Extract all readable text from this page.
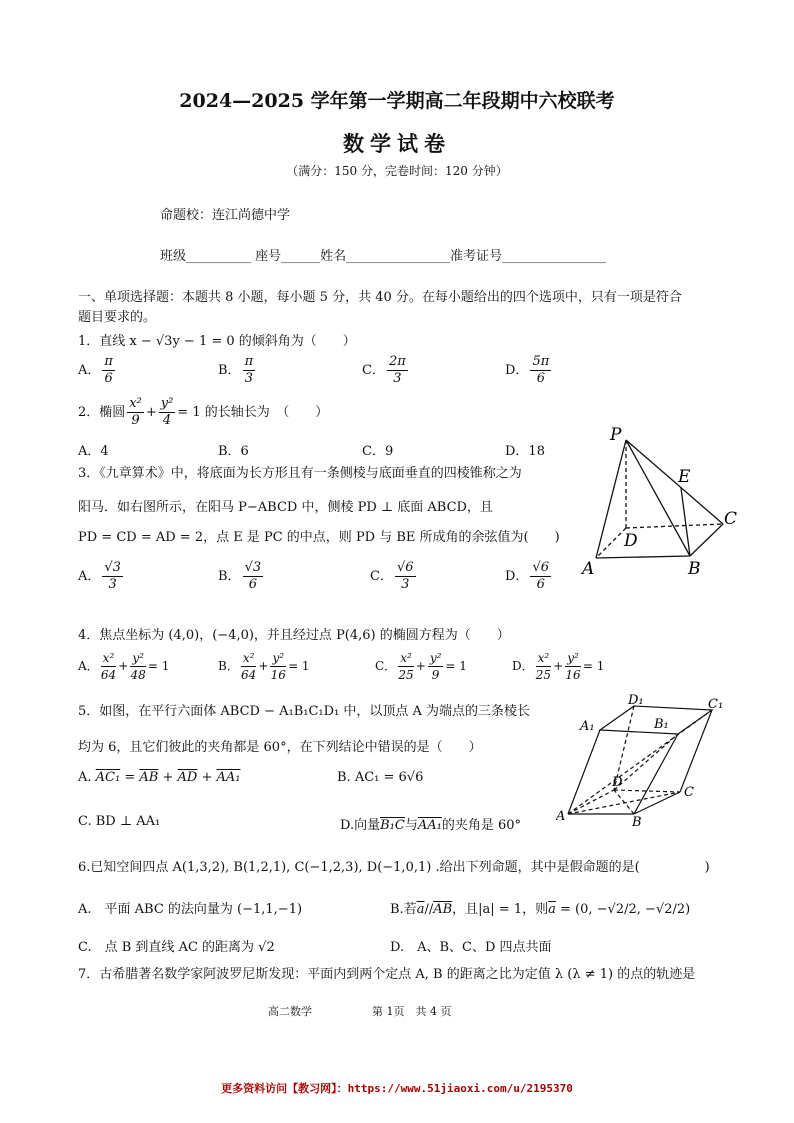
2024—2025 学年第一学期高二年段期中六校联考
数学试卷
（满分：150 分，完卷时间：120 分钟）
命题校：连江尚德中学
班级__________ 座号______姓名________________准考证号________________
一、单项选择题：本题共 8 小题，每小题 5 分，共 40 分。在每小题给出的四个选项中，只有一项是符合
题目要求的。
1．直线 x − √3y − 1 = 0 的倾斜角为（　　）
A． $\frac{\pi}{6}$	B． $\frac{\pi}{3}$	C． $\frac{2\pi}{3}$	D． $\frac{5\pi}{6}$
2．椭圆 $\frac{\text{x²}}{9} + \frac{\text{y²}}{4} = 1$ 的长轴长为　（　　）
A．4	B．6	C．9	D．18
3．《九章算术》中，将底面为长方形且有一条侧棱与底面垂直的四棱锥称之为
阳马．如右图所示，在阳马 P−ABCD 中，侧棱 PD ⊥ 底面 ABCD，且
PD = CD = AD = 2，点 E 是 PC 的中点，则 PD 与 BE 所成角的余弦值为(　　)
A． $\frac{√3}{3}$	B． $\frac{√3}{6}$	C． $\frac{√6}{3}$	D． $\frac{√6}{6}$
P
E
C
D
A	B
4．焦点坐标为 (4,0)，(−4,0)，并且经过点 P(4,6) 的椭圆方程为（　　）
A． $\frac{\text{x²}}{64} + \frac{\text{y²}}{48} = 1$	B． $\frac{\text{x²}}{64} + \frac{\text{y²}}{16} = 1$	C． $\frac{\text{x²}}{25} + \frac{\text{y²}}{9} = 1$	D． $\frac{\text{x²}}{25} + \frac{\text{y²}}{16} = 1$
5．如图，在平行六面体 ABCD − A₁B₁C₁D₁ 中，以顶点 A 为端点的三条棱长
均为 6，且它们彼此的夹角都是 60°，在下列结论中错误的是（　　）
A. $AC_1 = \overline{AB} + \overline{AD} + AA_1$	B. AC₁ = 6√6
C. BD ⊥ AA₁	D.向量B₁C与AA₁的夹角是 60°
D₁	C₁
A₁	B₁
D
C
A	B
6.已知空间四点 A(1,3,2), B(1,2,1), C(−1,2,3), D(−1,0,1) .给出下列命题，其中是假命题的是(　　　　　)
A.　平面 ABC 的法向量为 (−1,1,−1)	B.若$\overline{a}//\overline{AB}$，且|a| = 1，则$\overline{a} = (0$, −√2/2, −√2/2)
C.　点 B 到直线 AC 的距离为 √2	D.　A、B、C、D 四点共面
7．古希腊著名数学家阿波罗尼斯发现：平面内到两个定点 A, B 的距离之比为定值 λ (λ ≠ 1) 的点的轨迹是
高二数学	第 1页　共 4 页
更多资料访问【教习网】：https://www.51jiaoxi.com/u/2195370
